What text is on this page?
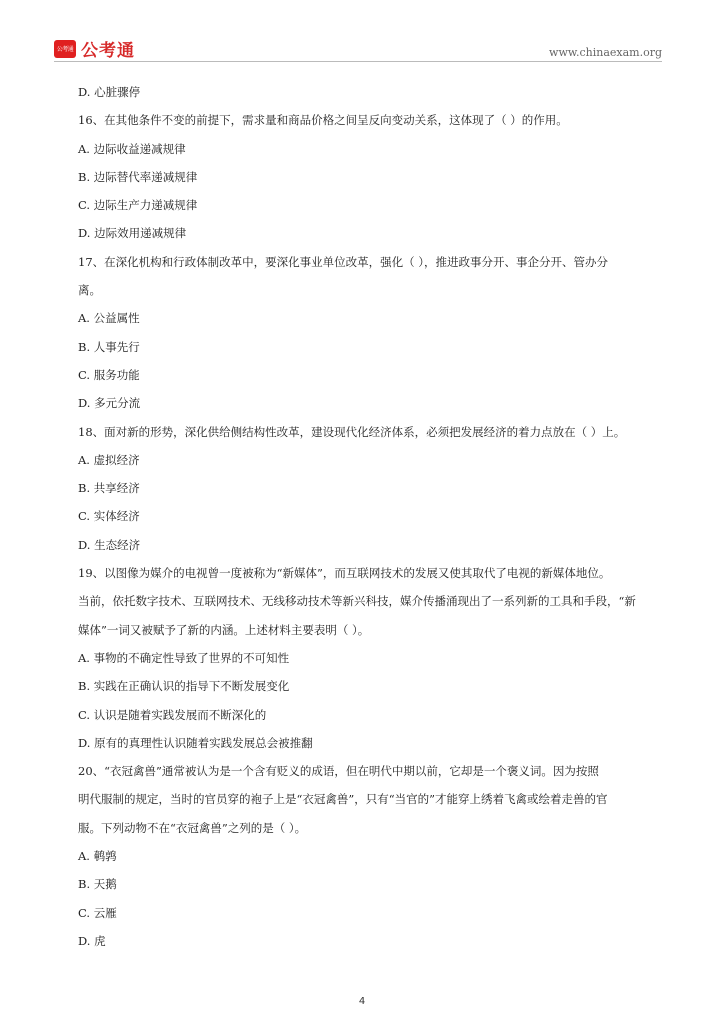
公考通 公考通	www.chinaexam.org
D. 心脏骤停
16、在其他条件不变的前提下，需求量和商品价格之间呈反向变动关系，这体现了（ ）的作用。
A. 边际收益递减规律
B. 边际替代率递减规律
C. 边际生产力递减规律
D. 边际效用递减规律
17、在深化机构和行政体制改革中，要深化事业单位改革，强化（ ），推进政事分开、事企分开、管办分
离。
A. 公益属性
B. 人事先行
C. 服务功能
D. 多元分流
18、面对新的形势，深化供给侧结构性改革，建设现代化经济体系，必须把发展经济的着力点放在（ ）上。
A. 虚拟经济
B. 共享经济
C. 实体经济
D. 生态经济
19、以图像为媒介的电视曾一度被称为“新媒体”，而互联网技术的发展又使其取代了电视的新媒体地位。
当前，依托数字技术、互联网技术、无线移动技术等新兴科技，媒介传播涌现出了一系列新的工具和手段，“新
媒体”一词又被赋予了新的内涵。上述材料主要表明（ ）。
A. 事物的不确定性导致了世界的不可知性
B. 实践在正确认识的指导下不断发展变化
C. 认识是随着实践发展而不断深化的
D. 原有的真理性认识随着实践发展总会被推翻
20、“衣冠禽兽”通常被认为是一个含有贬义的成语，但在明代中期以前，它却是一个褒义词。因为按照
明代服制的规定，当时的官员穿的袍子上是“衣冠禽兽”，只有“当官的”才能穿上绣着飞禽或绘着走兽的官
服。下列动物不在“衣冠禽兽”之列的是（ ）。
A. 鹌鹑
B. 天鹅
C. 云雁
D. 虎
4
